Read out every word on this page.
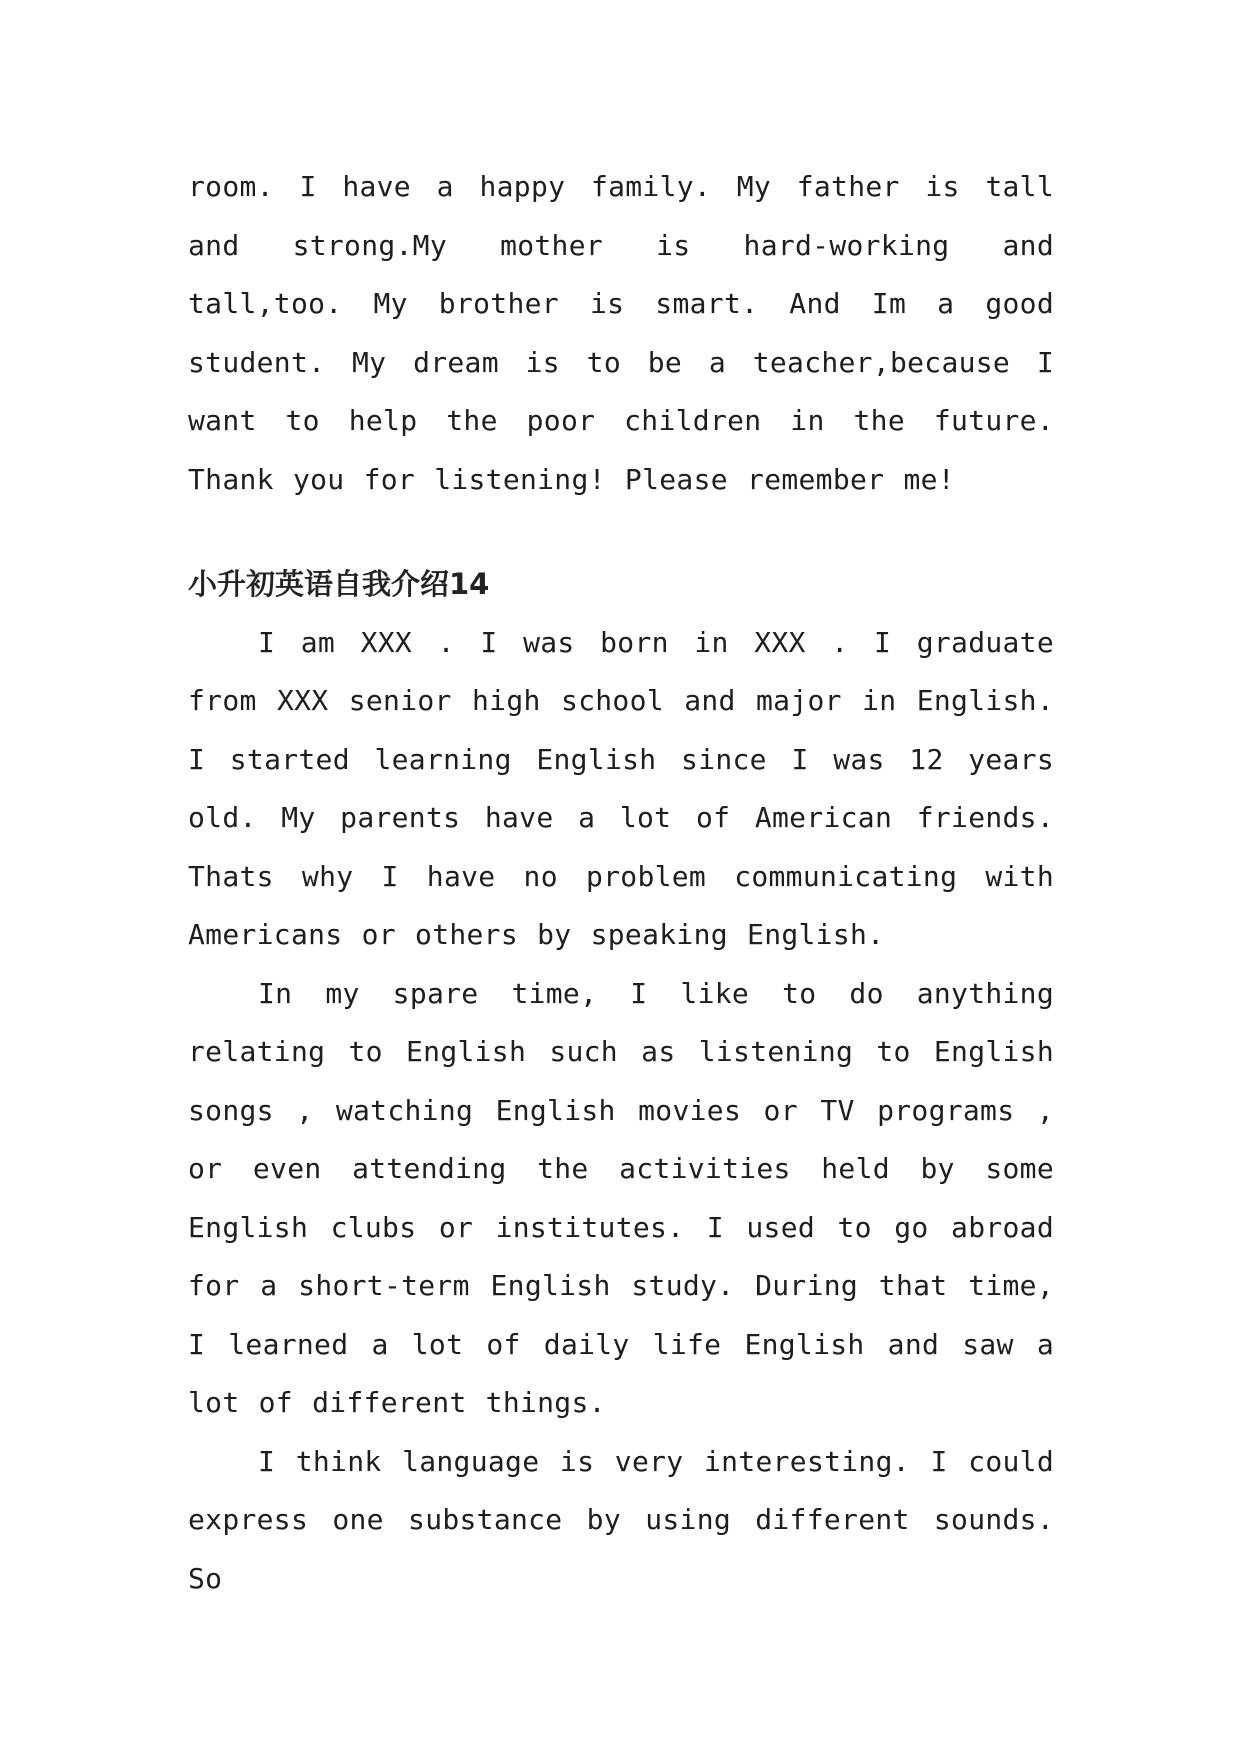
room. I have a happy family. My father is tall and strong.My mother is hard-working and tall,too. My brother is smart. And Im a good student. My dream is to be a teacher,because I want to help the poor children in the future. Thank you for listening! Please remember me!

小升初英语自我介绍14

I am XXX . I was born in XXX . I graduate from XXX senior high school and major in English. I started learning English since I was 12 years old. My parents have a lot of American friends. Thats why I have no problem communicating with Americans or others by speaking English.

In my spare time, I like to do anything relating to English such as listening to English songs , watching English movies or TV programs , or even attending the activities held by some English clubs or institutes. I used to go abroad for a short-term English study. During that time, I learned a lot of daily life English and saw a lot of different things.

I think language is very interesting. I could express one substance by using different sounds. So
